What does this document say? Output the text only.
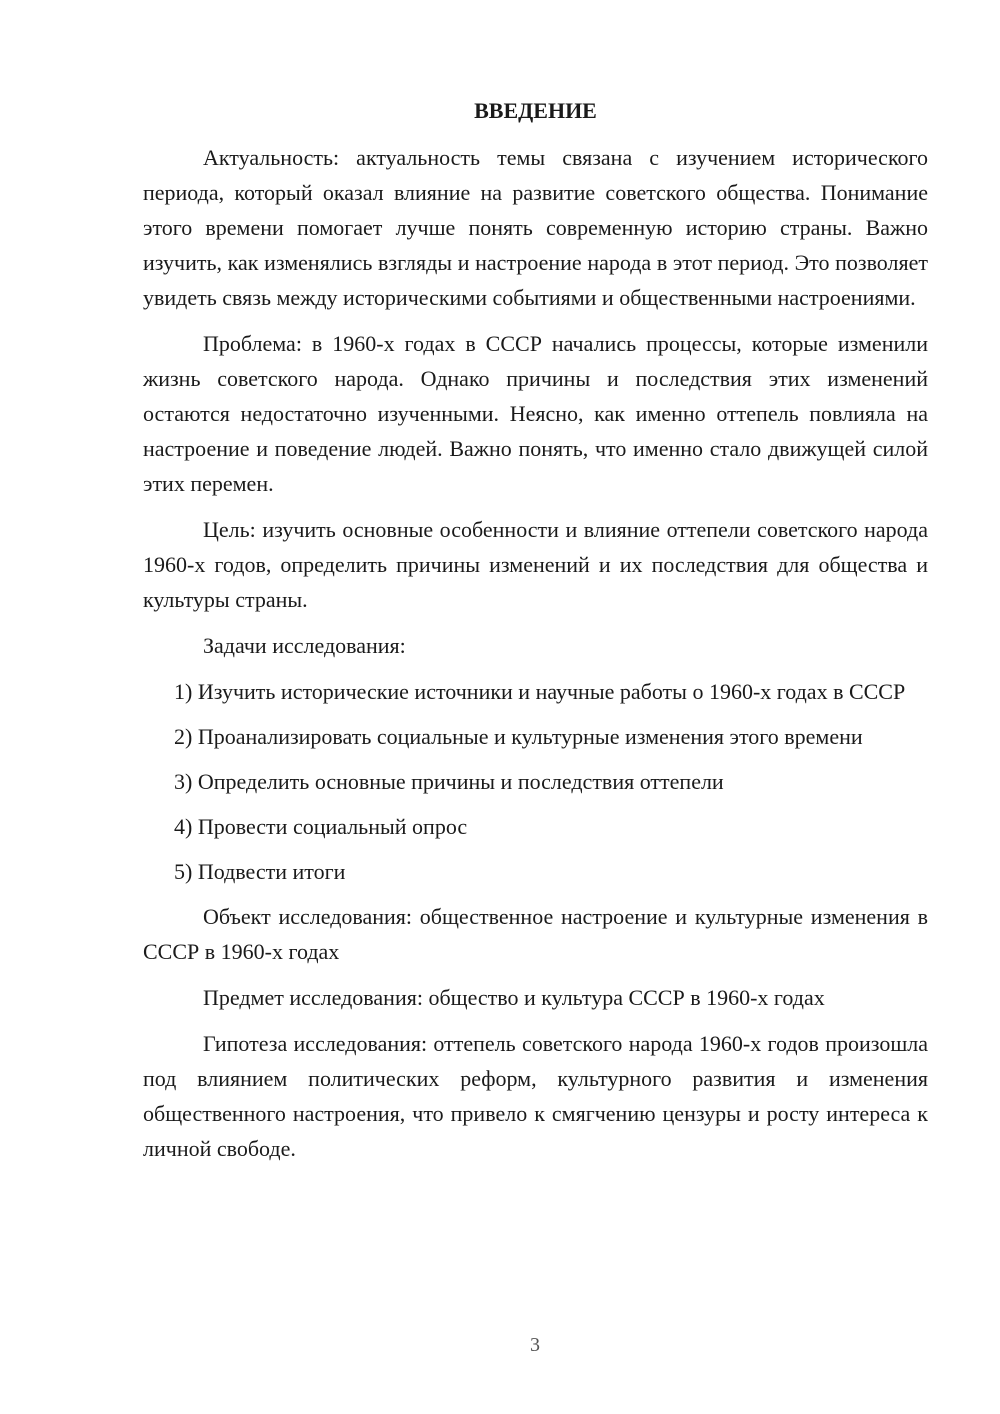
ВВЕДЕНИЕ

Актуальность: актуальность темы связана с изучением исторического периода, который оказал влияние на развитие советского общества. Понимание этого времени помогает лучше понять современную историю страны. Важно изучить, как изменялись взгляды и настроение народа в этот период. Это позволяет увидеть связь между историческими событиями и общественными настроениями.

Проблема: в 1960-х годах в СССР начались процессы, которые изменили жизнь советского народа. Однако причины и последствия этих изменений остаются недостаточно изученными. Неясно, как именно оттепель повлияла на настроение и поведение людей. Важно понять, что именно стало движущей силой этих перемен.

Цель: изучить основные особенности и влияние оттепели советского народа 1960-х годов, определить причины изменений и их последствия для общества и культуры страны.

Задачи исследования:

1) Изучить исторические источники и научные работы о 1960-х годах в СССР

2) Проанализировать социальные и культурные изменения этого времени

3) Определить основные причины и последствия оттепели

4) Провести социальный опрос

5) Подвести итоги

Объект исследования: общественное настроение и культурные изменения в СССР в 1960-х годах

Предмет исследования: общество и культура СССР в 1960-х годах

Гипотеза исследования: оттепель советского народа 1960-х годов произошла под влиянием политических реформ, культурного развития и изменения общественного настроения, что привело к смягчению цензуры и росту интереса к личной свободе.

3
